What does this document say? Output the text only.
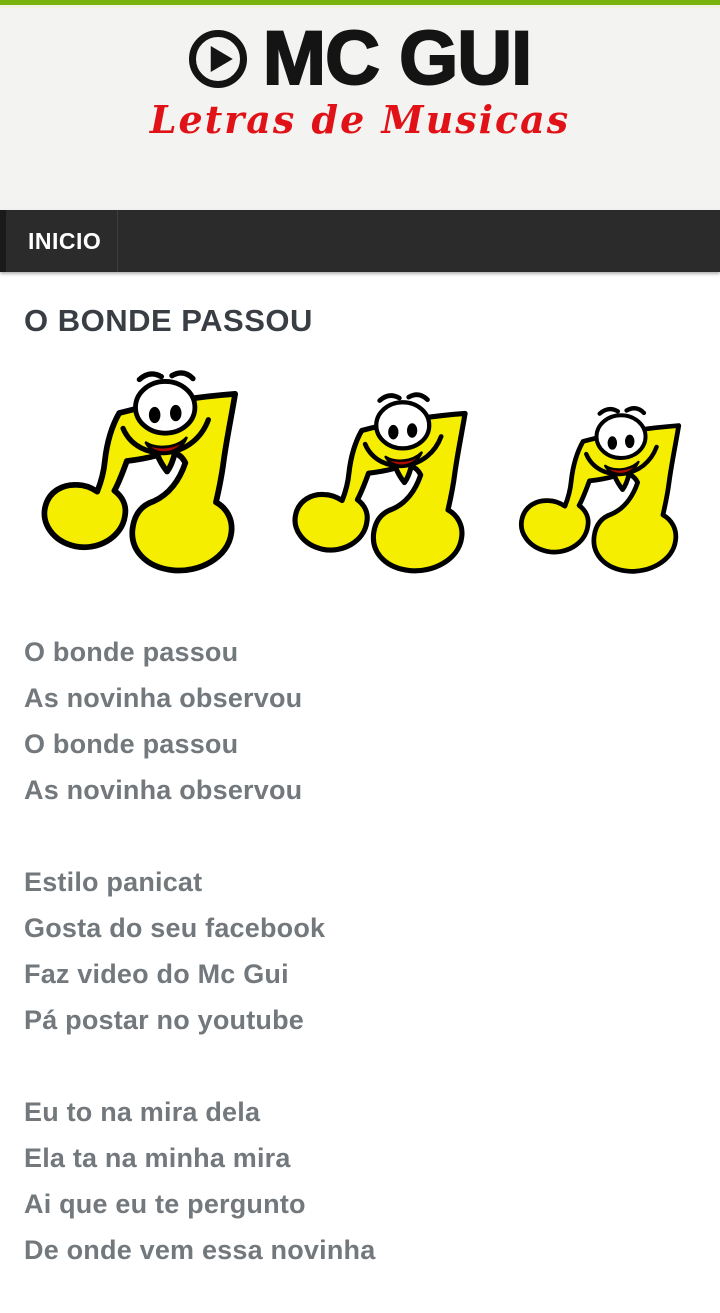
MC GUI
Letras de Musicas
INICIO
O BONDE PASSOU

O bonde passou

As novinha observou

O bonde passou

As novinha observou

Estilo panicat

Gosta do seu facebook

Faz video do Mc Gui

Pá postar no youtube

Eu to na mira dela

Ela ta na minha mira

Ai que eu te pergunto

De onde vem essa novinha
